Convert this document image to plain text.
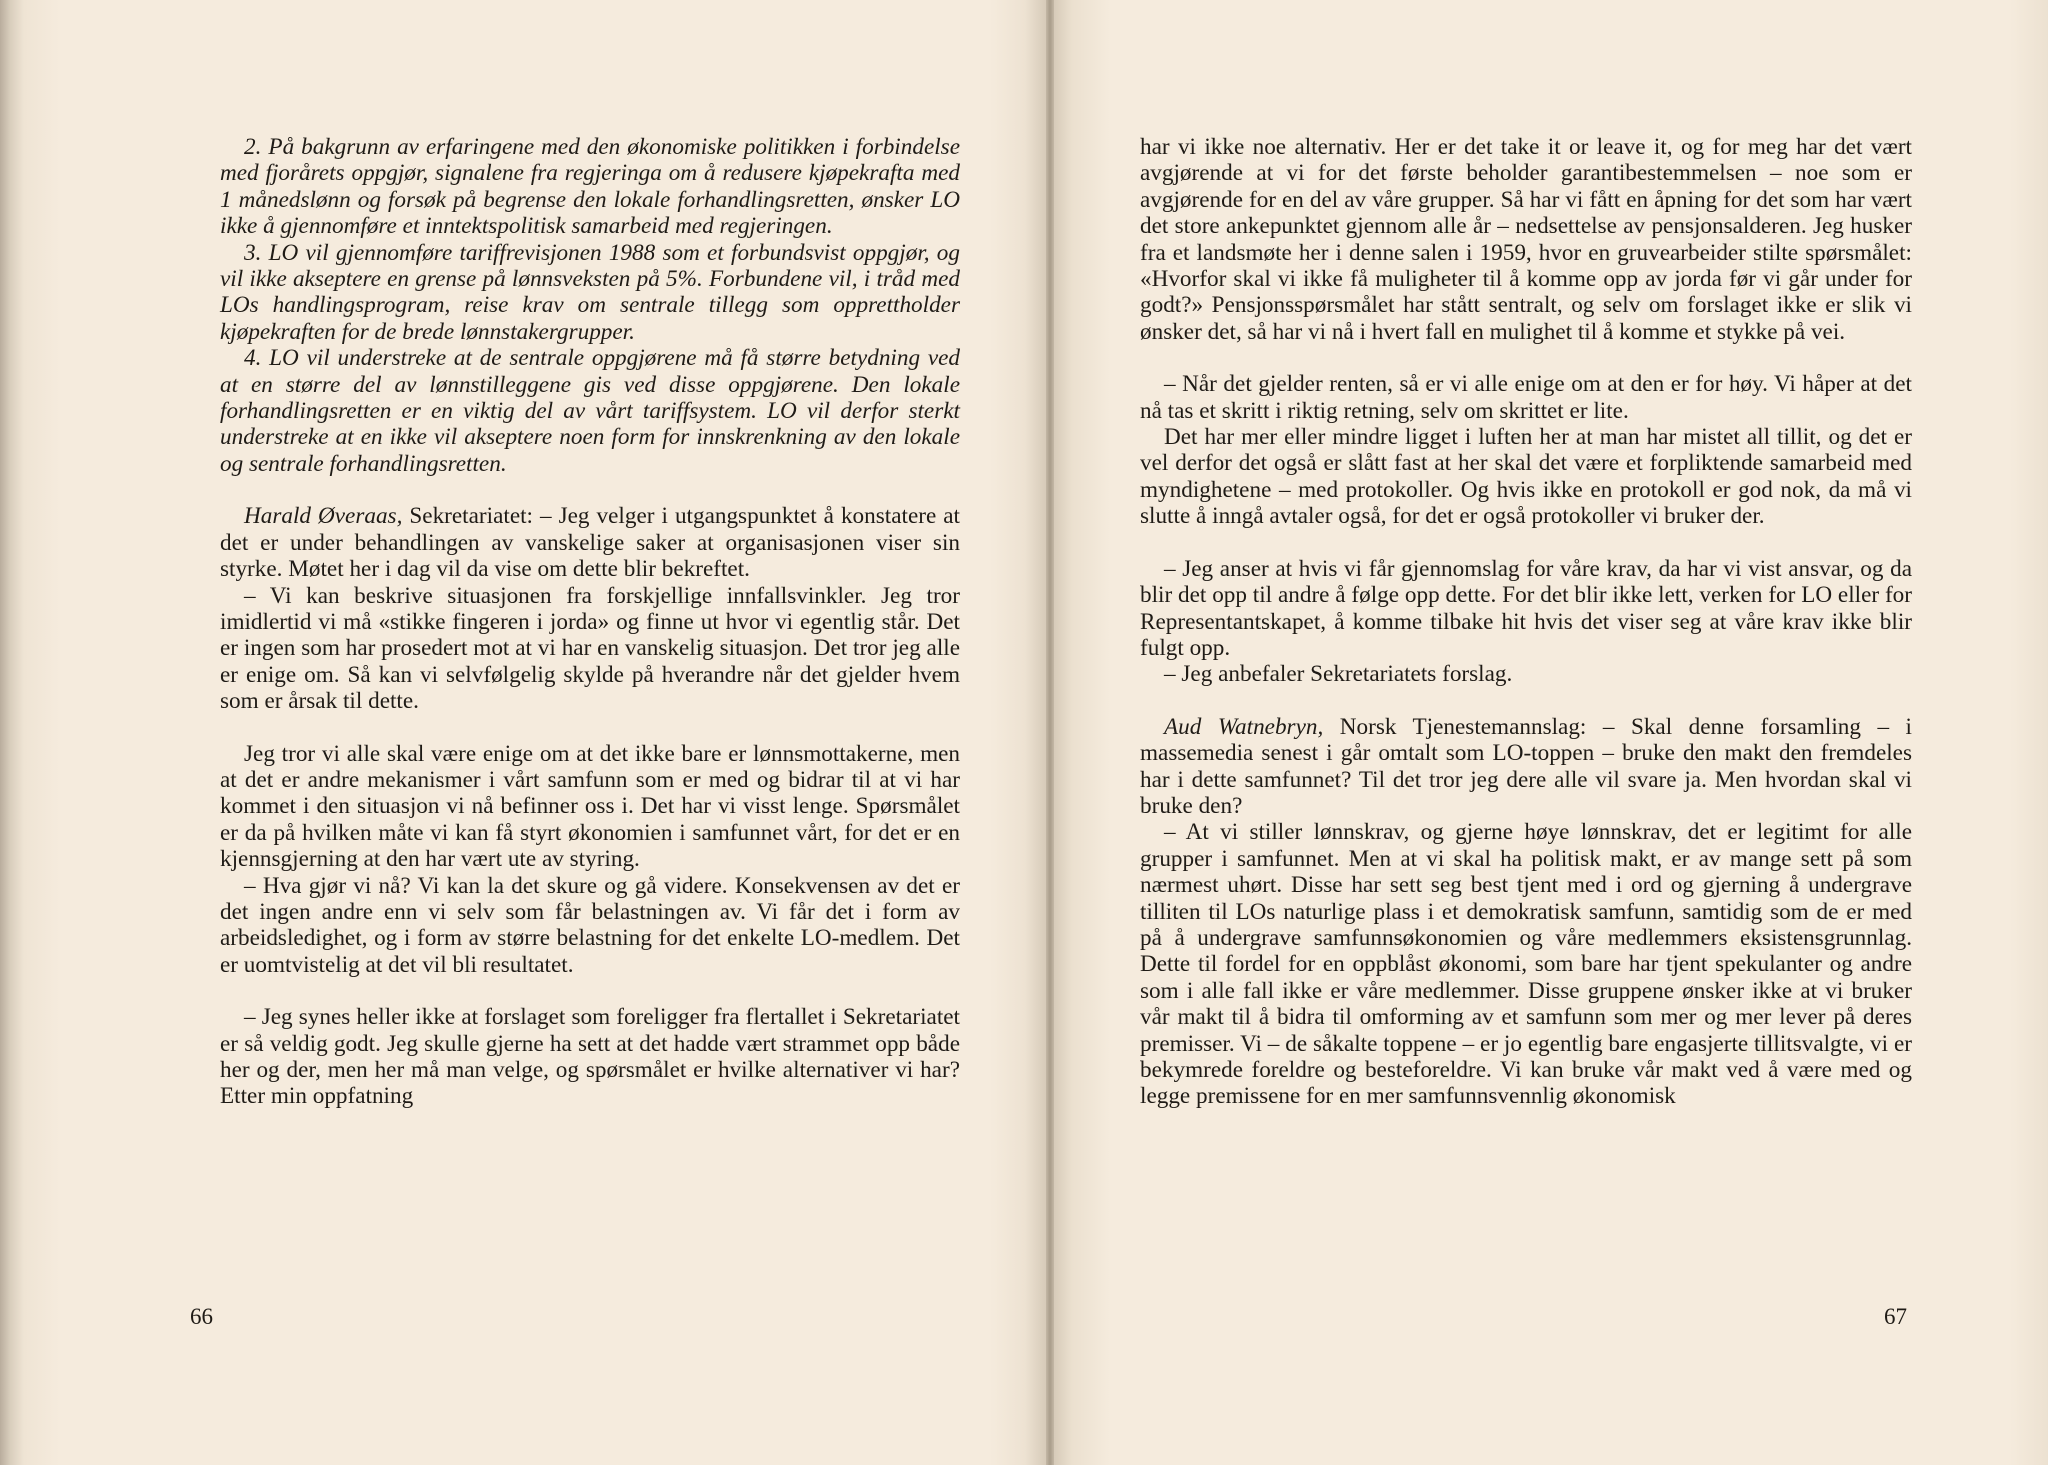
2. På bakgrunn av erfaringene med den økonomiske politikken i forbindelse med fjorårets oppgjør, signalene fra regjeringa om å redusere kjøpekrafta med 1 månedslønn og forsøk på begrense den lokale forhandlingsretten, ønsker LO ikke å gjennomføre et inntektspolitisk samarbeid med regjeringen.

3. LO vil gjennomføre tariffrevisjonen 1988 som et forbundsvist oppgjør, og vil ikke akseptere en grense på lønnsveksten på 5%. Forbundene vil, i tråd med LOs handlingsprogram, reise krav om sentrale tillegg som opprettholder kjøpekraften for de brede lønnstakergrupper.

4. LO vil understreke at de sentrale oppgjørene må få større betydning ved at en større del av lønnstilleggene gis ved disse oppgjørene. Den lokale forhandlingsretten er en viktig del av vårt tariffsystem. LO vil derfor sterkt understreke at en ikke vil akseptere noen form for innskrenkning av den lokale og sentrale forhandlingsretten.

Harald Øveraas, Sekretariatet: – Jeg velger i utgangspunktet å konstatere at det er under behandlingen av vanskelige saker at organisasjonen viser sin styrke. Møtet her i dag vil da vise om dette blir bekreftet.

– Vi kan beskrive situasjonen fra forskjellige innfallsvinkler. Jeg tror imidlertid vi må «stikke fingeren i jorda» og finne ut hvor vi egentlig står. Det er ingen som har prosedert mot at vi har en vanskelig situasjon. Det tror jeg alle er enige om. Så kan vi selvfølgelig skylde på hverandre når det gjelder hvem som er årsak til dette.

Jeg tror vi alle skal være enige om at det ikke bare er lønnsmottakerne, men at det er andre mekanismer i vårt samfunn som er med og bidrar til at vi har kommet i den situasjon vi nå befinner oss i. Det har vi visst lenge. Spørsmålet er da på hvilken måte vi kan få styrt økonomien i samfunnet vårt, for det er en kjennsgjerning at den har vært ute av styring.

– Hva gjør vi nå? Vi kan la det skure og gå videre. Konsekvensen av det er det ingen andre enn vi selv som får belastningen av. Vi får det i form av arbeidsledighet, og i form av større belastning for det enkelte LO-medlem. Det er uomtvistelig at det vil bli resultatet.

– Jeg synes heller ikke at forslaget som foreligger fra flertallet i Sekretariatet er så veldig godt. Jeg skulle gjerne ha sett at det hadde vært strammet opp både her og der, men her må man velge, og spørsmålet er hvilke alternativer vi har? Etter min oppfatning

66

har vi ikke noe alternativ. Her er det take it or leave it, og for meg har det vært avgjørende at vi for det første beholder garantibestemmelsen – noe som er avgjørende for en del av våre grupper. Så har vi fått en åpning for det som har vært det store ankepunktet gjennom alle år – nedsettelse av pensjonsalderen. Jeg husker fra et landsmøte her i denne salen i 1959, hvor en gruvearbeider stilte spørsmålet: «Hvorfor skal vi ikke få muligheter til å komme opp av jorda før vi går under for godt?» Pensjonsspørsmålet har stått sentralt, og selv om forslaget ikke er slik vi ønsker det, så har vi nå i hvert fall en mulighet til å komme et stykke på vei.

– Når det gjelder renten, så er vi alle enige om at den er for høy. Vi håper at det nå tas et skritt i riktig retning, selv om skrittet er lite.

Det har mer eller mindre ligget i luften her at man har mistet all tillit, og det er vel derfor det også er slått fast at her skal det være et forpliktende samarbeid med myndighetene – med protokoller. Og hvis ikke en protokoll er god nok, da må vi slutte å inngå avtaler også, for det er også protokoller vi bruker der.

– Jeg anser at hvis vi får gjennomslag for våre krav, da har vi vist ansvar, og da blir det opp til andre å følge opp dette. For det blir ikke lett, verken for LO eller for Representantskapet, å komme tilbake hit hvis det viser seg at våre krav ikke blir fulgt opp.

– Jeg anbefaler Sekretariatets forslag.

Aud Watnebryn, Norsk Tjenestemannslag: – Skal denne forsamling – i massemedia senest i går omtalt som LO-toppen – bruke den makt den fremdeles har i dette samfunnet? Til det tror jeg dere alle vil svare ja. Men hvordan skal vi bruke den?

– At vi stiller lønnskrav, og gjerne høye lønnskrav, det er legitimt for alle grupper i samfunnet. Men at vi skal ha politisk makt, er av mange sett på som nærmest uhørt. Disse har sett seg best tjent med i ord og gjerning å undergrave tilliten til LOs naturlige plass i et demokratisk samfunn, samtidig som de er med på å undergrave samfunnsøkonomien og våre medlemmers eksistensgrunnlag. Dette til fordel for en oppblåst økonomi, som bare har tjent spekulanter og andre som i alle fall ikke er våre medlemmer. Disse gruppene ønsker ikke at vi bruker vår makt til å bidra til omforming av et samfunn som mer og mer lever på deres premisser. Vi – de såkalte toppene – er jo egentlig bare engasjerte tillitsvalgte, vi er bekymrede foreldre og besteforeldre. Vi kan bruke vår makt ved å være med og legge premissene for en mer samfunnsvennlig økonomisk

67
